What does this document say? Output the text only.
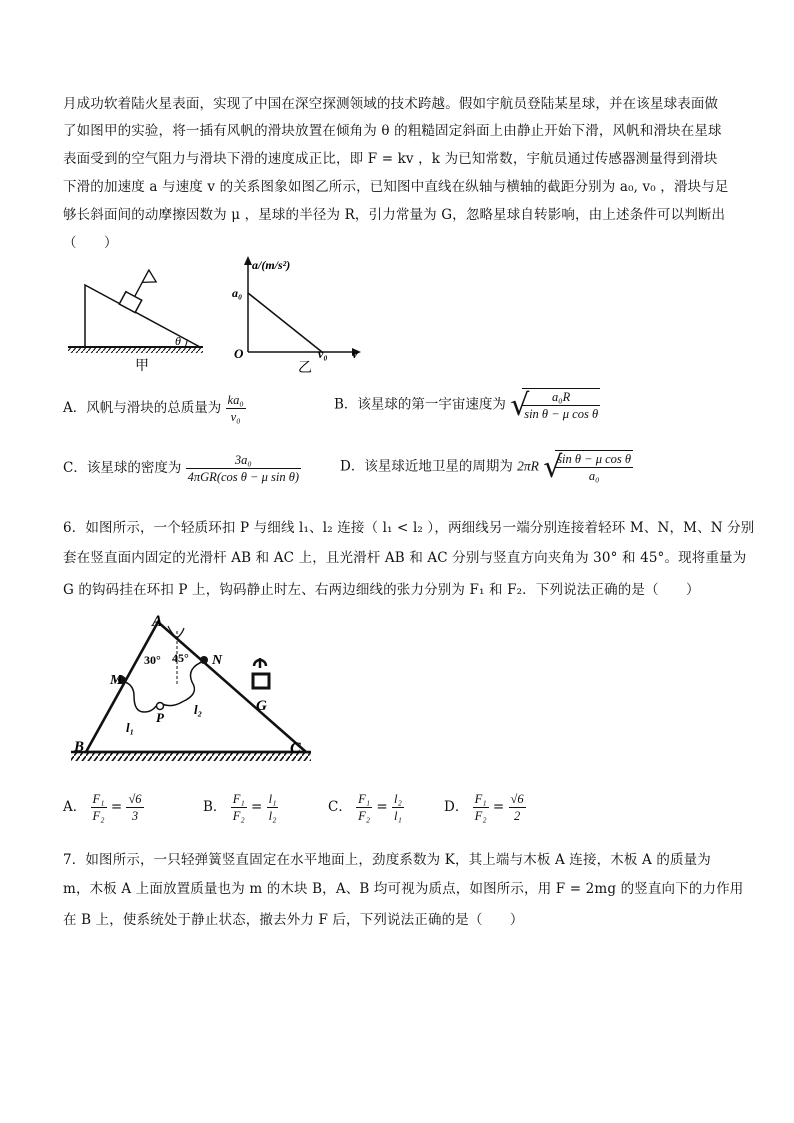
月成功软着陆火星表面，实现了中国在深空探测领域的技术跨越。假如宇航员登陆某星球，并在该星球表面做
了如图甲的实验，将一插有风帆的滑块放置在倾角为 θ 的粗糙固定斜面上由静止开始下滑，风帆和滑块在星球
表面受到的空气阻力与滑块下滑的速度成正比，即 F = kv ，k 为已知常数，宇航员通过传感器测量得到滑块
下滑的加速度 a 与速度 v 的关系图象如图乙所示，已知图中直线在纵轴与横轴的截距分别为 a₀, v₀ ，滑块与足
够长斜面间的动摩擦因数为 μ ，星球的半径为 R，引力常量为 G，忽略星球自转影响，由上述条件可以判断出
（　　）
θ
甲
a/(m/s²)
a₀
O	v₀ v
乙
A．风帆与滑块的总质量为 $\frac{\text{ka₀}}{\text{v₀}}$	B．该星球的第一宇宙速度为 √
$\frac{\text{a₀R}}{\text{sin θ − μ cos θ}}$
C．该星球的密度为 $\frac{\text{3a₀}}{\text{4πGR(cos θ − μ sin θ)}}$	D．该星球近地卫星的周期为 2πR √
$\frac{\text{sin θ − μ cos θ}}{\text{a₀}}$
6．如图所示，一个轻质环扣 P 与细线 l₁、l₂ 连接（ l₁ < l₂ ），两细线另一端分别连接着轻环 M、N，M、N 分别
套在竖直面内固定的光滑杆 AB 和 AC 上，且光滑杆 AB 和 AC 分别与竖直方向夹角为 30° 和 45°。现将重量为
G 的钩码挂在环扣 P 上，钩码静止时左、右两边细线的张力分别为 F₁ 和 F₂．下列说法正确的是（　　）
A
B	C
M
N
P
l₁
l₂
30° 45°
G
A． $\frac{\text{F₁}}{\text{F₂}} = \frac{√6}{3}$	B． $\frac{\text{F₁}}{\text{F₂}} = \frac{\text{l₁}}{\text{l₂}}$	C． $\frac{\text{F₁}}{\text{F₂}} = \frac{\text{l₂}}{\text{l₁}}$	D． $\frac{\text{F₁}}{\text{F₂}} = \frac{√6}{2}$
7．如图所示，一只轻弹簧竖直固定在水平地面上，劲度系数为 K，其上端与木板 A 连接，木板 A 的质量为
m，木板 A 上面放置质量也为 m 的木块 B，A、B 均可视为质点，如图所示，用 F = 2mg 的竖直向下的力作用
在 B 上，使系统处于静止状态，撤去外力 F 后，下列说法正确的是（　　）
